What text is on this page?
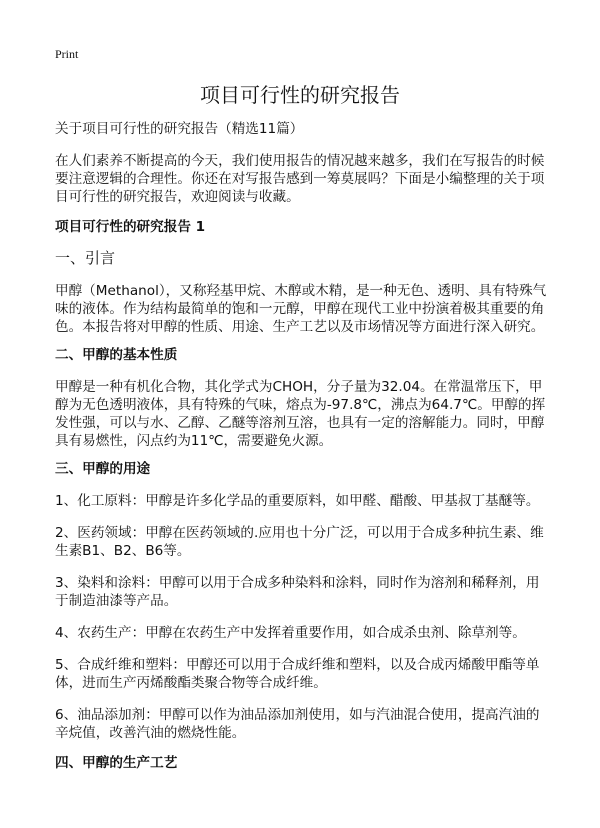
Print
项目可行性的研究报告
关于项目可行性的研究报告（精选11篇）
在人们素养不断提高的今天，我们使用报告的情况越来越多，我们在写报告的时候要注意逻辑的合理性。你还在对写报告感到一筹莫展吗？下面是小编整理的关于项目可行性的研究报告，欢迎阅读与收藏。
项目可行性的研究报告 1
一、引言
甲醇（Methanol），又称羟基甲烷、木醇或木精，是一种无色、透明、具有特殊气味的液体。作为结构最简单的饱和一元醇，甲醇在现代工业中扮演着极其重要的角色。本报告将对甲醇的性质、用途、生产工艺以及市场情况等方面进行深入研究。
二、甲醇的基本性质
甲醇是一种有机化合物，其化学式为CHOH，分子量为32.04。在常温常压下，甲醇为无色透明液体，具有特殊的气味，熔点为-97.8℃，沸点为64.7℃。甲醇的挥发性强，可以与水、乙醇、乙醚等溶剂互溶，也具有一定的溶解能力。同时，甲醇具有易燃性，闪点约为11℃，需要避免火源。
三、甲醇的用途
1、化工原料：甲醇是许多化学品的重要原料，如甲醛、醋酸、甲基叔丁基醚等。
2、医药领域：甲醇在医药领域的.应用也十分广泛，可以用于合成多种抗生素、维生素B1、B2、B6等。
3、染料和涂料：甲醇可以用于合成多种染料和涂料，同时作为溶剂和稀释剂，用于制造油漆等产品。
4、农药生产：甲醇在农药生产中发挥着重要作用，如合成杀虫剂、除草剂等。
5、合成纤维和塑料：甲醇还可以用于合成纤维和塑料，以及合成丙烯酸甲酯等单体，进而生产丙烯酸酯类聚合物等合成纤维。
6、油品添加剂：甲醇可以作为油品添加剂使用，如与汽油混合使用，提高汽油的辛烷值，改善汽油的燃烧性能。
四、甲醇的生产工艺
